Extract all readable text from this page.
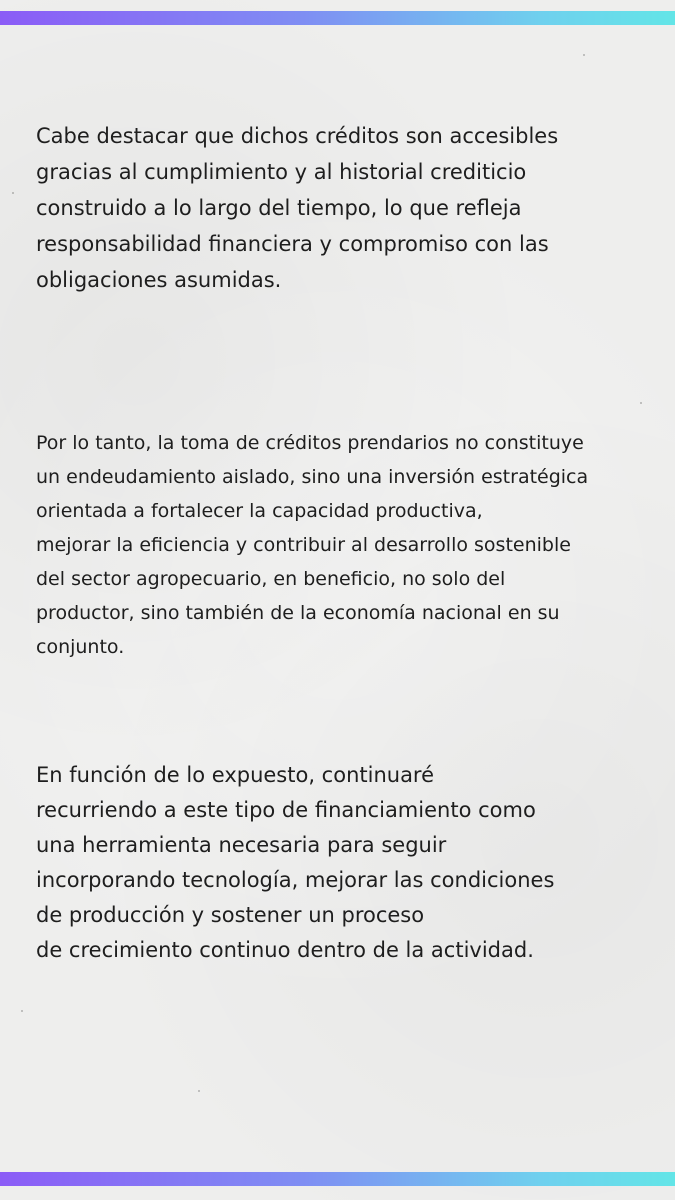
Cabe destacar que dichos créditos son accesibles
gracias al cumplimiento y al historial crediticio
construido a lo largo del tiempo, lo que refleja
responsabilidad financiera y compromiso con las
obligaciones asumidas.

Por lo tanto, la toma de créditos prendarios no constituye
un endeudamiento aislado, sino una inversión estratégica
orientada a fortalecer la capacidad productiva,
mejorar la eficiencia y contribuir al desarrollo sostenible
del sector agropecuario, en beneficio, no solo del
productor, sino también de la economía nacional en su
conjunto.

En función de lo expuesto, continuaré
recurriendo a este tipo de financiamiento como
una herramienta necesaria para seguir
incorporando tecnología, mejorar las condiciones
de producción y sostener un proceso
de crecimiento continuo dentro de la actividad.
